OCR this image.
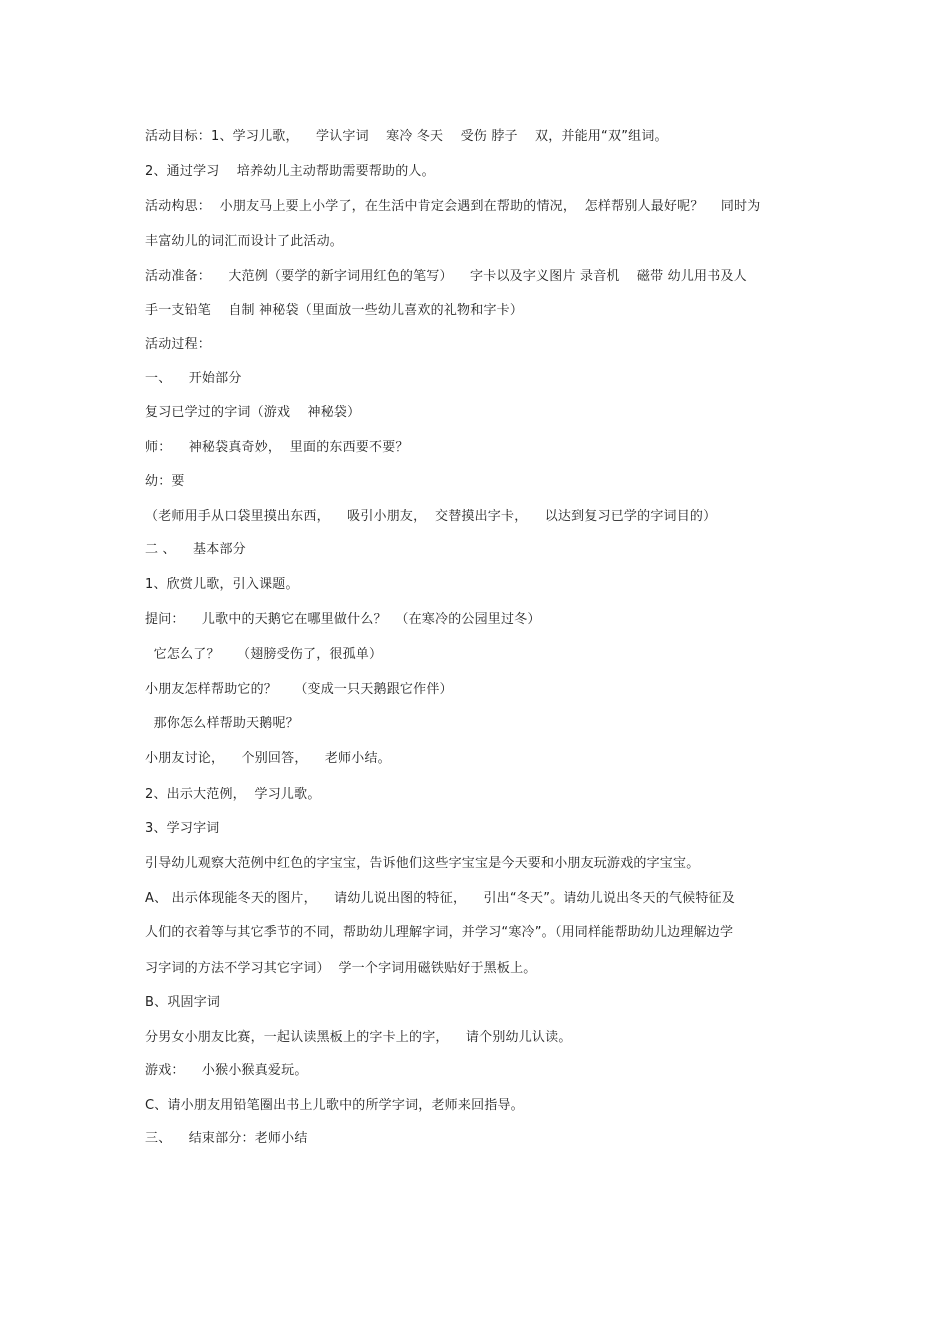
活动目标：1、学习儿歌，    学认字词    寒冷 冬天    受伤 脖子    双，并能用“双”组词。
2、通过学习    培养幼儿主动帮助需要帮助的人。
活动构思：  小朋友马上要上小学了，在生活中肯定会遇到在帮助的情况，  怎样帮别人最好呢？    同时为
丰富幼儿的词汇而设计了此活动。
活动准备：    大范例（要学的新字词用红色的笔写）    字卡以及字义图片 录音机    磁带 幼儿用书及人
手一支铅笔    自制 神秘袋（里面放一些幼儿喜欢的礼物和字卡）
活动过程：
一、    开始部分
复习已学过的字词（游戏    神秘袋）
师：    神秘袋真奇妙，  里面的东西要不要？
幼：要
（老师用手从口袋里摸出东西，    吸引小朋友，  交替摸出字卡，    以达到复习已学的字词目的）
二 、    基本部分
1、欣赏儿歌，引入课题。
提问：    儿歌中的天鹅它在哪里做什么？  （在寒冷的公园里过冬）
它怎么了？    （翅膀受伤了，很孤单）
小朋友怎样帮助它的？    （变成一只天鹅跟它作伴）
那你怎么样帮助天鹅呢？
小朋友讨论，    个别回答，    老师小结。
2、出示大范例，  学习儿歌。
3、学习字词
引导幼儿观察大范例中红色的字宝宝，告诉他们这些字宝宝是今天要和小朋友玩游戏的字宝宝。
A、 出示体现能冬天的图片，    请幼儿说出图的特征，    引出“冬天”。请幼儿说出冬天的气候特征及
人们的衣着等与其它季节的不同，帮助幼儿理解字词，并学习“寒冷”。（用同样能帮助幼儿边理解边学
习字词的方法不学习其它字词）  学一个字词用磁铁贴好于黑板上。
B、巩固字词
分男女小朋友比赛，一起认读黑板上的字卡上的字，    请个别幼儿认读。
游戏：    小猴小猴真爱玩。
C、请小朋友用铅笔圈出书上儿歌中的所学字词，老师来回指导。
三、    结束部分：老师小结
